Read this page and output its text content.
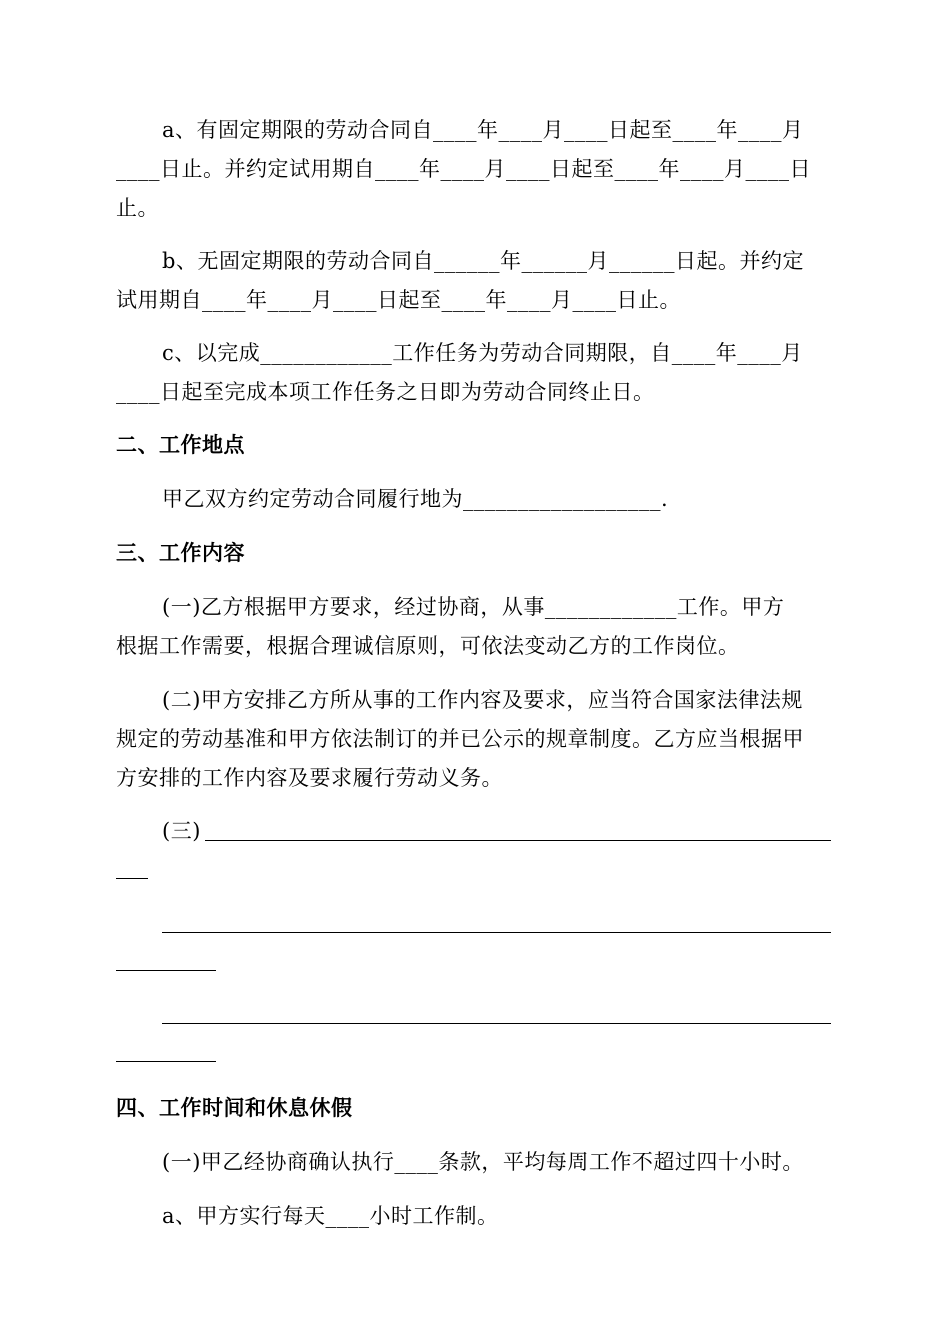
a、有固定期限的劳动合同自____年____月____日起至____年____月
____日止。并约定试用期自____年____月____日起至____年____月____日
止。
b、无固定期限的劳动合同自______年______月______日起。并约定
试用期自____年____月____日起至____年____月____日止。
c、以完成____________工作任务为劳动合同期限，自____年____月
____日起至完成本项工作任务之日即为劳动合同终止日。
二、工作地点
甲乙双方约定劳动合同履行地为__________________.
三、工作内容
(一)乙方根据甲方要求，经过协商，从事____________工作。甲方
根据工作需要，根据合理诚信原则，可依法变动乙方的工作岗位。
(二)甲方安排乙方所从事的工作内容及要求，应当符合国家法律法规
规定的劳动基准和甲方依法制订的并已公示的规章制度。乙方应当根据甲
方安排的工作内容及要求履行劳动义务。
(三)
四、工作时间和休息休假
(一)甲乙经协商确认执行____条款，平均每周工作不超过四十小时。
a、甲方实行每天____小时工作制。
